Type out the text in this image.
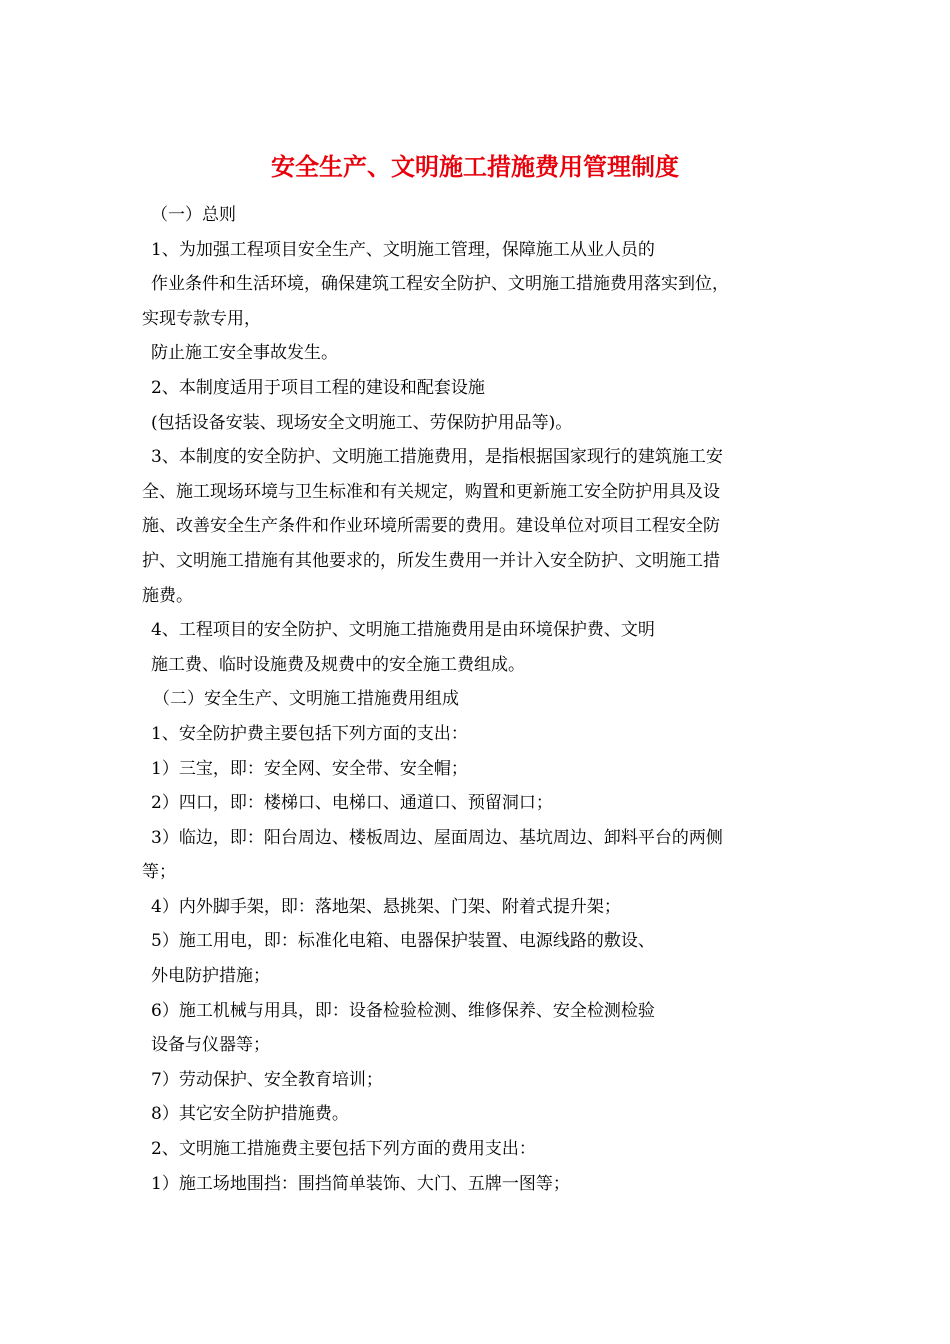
安全生产、文明施工措施费用管理制度
（一）总则
1、为加强工程项目安全生产、文明施工管理，保障施工从业人员的
作业条件和生活环境，确保建筑工程安全防护、文明施工措施费用落实到位，
实现专款专用，
防止施工安全事故发生。
2、本制度适用于项目工程的建设和配套设施
(包括设备安装、现场安全文明施工、劳保防护用品等)。
3、本制度的安全防护、文明施工措施费用，是指根据国家现行的建筑施工安
全、施工现场环境与卫生标准和有关规定，购置和更新施工安全防护用具及设
施、改善安全生产条件和作业环境所需要的费用。建设单位对项目工程安全防
护、文明施工措施有其他要求的，所发生费用一并计入安全防护、文明施工措
施费。
4、工程项目的安全防护、文明施工措施费用是由环境保护费、文明
施工费、临时设施费及规费中的安全施工费组成。
（二）安全生产、文明施工措施费用组成
1、安全防护费主要包括下列方面的支出：
1）三宝，即：安全网、安全带、安全帽；
2）四口，即：楼梯口、电梯口、通道口、预留洞口；
3）临边，即：阳台周边、楼板周边、屋面周边、基坑周边、卸料平台的两侧
等；
4）内外脚手架，即：落地架、悬挑架、门架、附着式提升架；
5）施工用电，即：标准化电箱、电器保护装置、电源线路的敷设、
外电防护措施；
6）施工机械与用具，即：设备检验检测、维修保养、安全检测检验
设备与仪器等；
7）劳动保护、安全教育培训；
8）其它安全防护措施费。
2、文明施工措施费主要包括下列方面的费用支出：
1）施工场地围挡：围挡简单装饰、大门、五牌一图等；
